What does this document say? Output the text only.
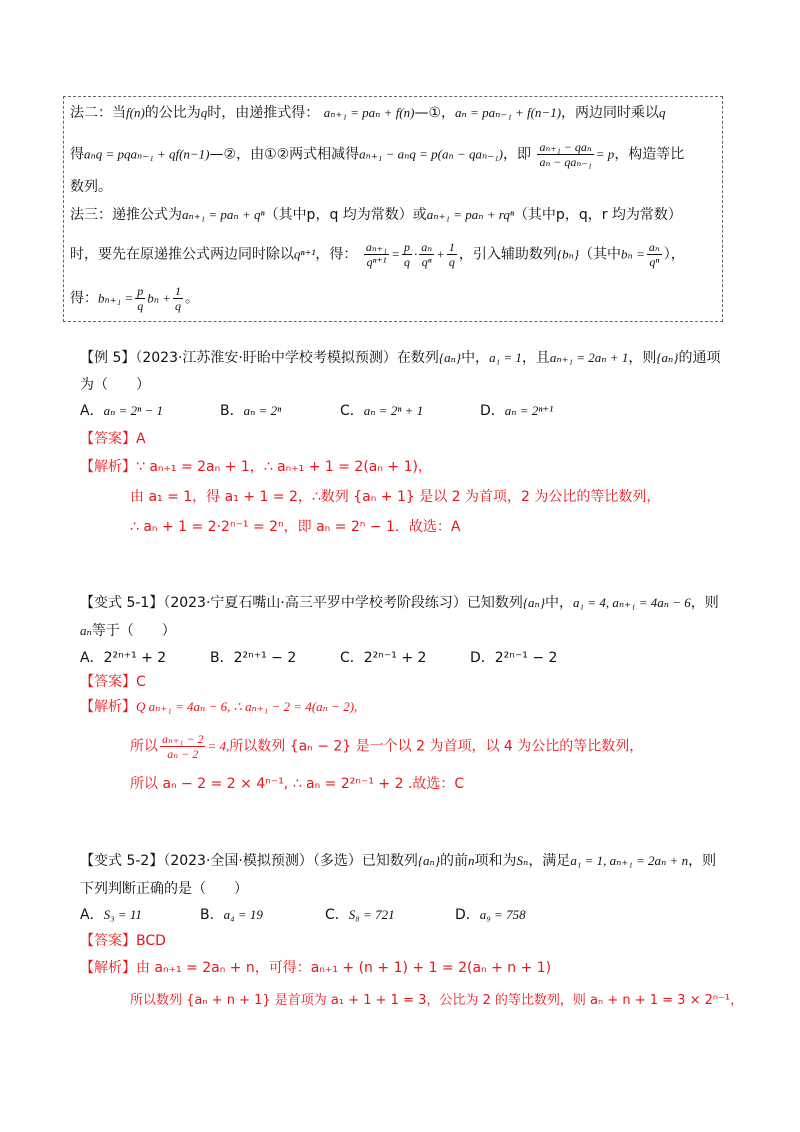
法二：当f(n)的公比为q时，由递推式得： aₙ₊₁ = paₙ + f(n)—①，aₙ = paₙ₋₁ + f(n−1)，两边同时乘以q
得aₙq = pqaₙ₋₁ + qf(n−1)—②，由①②两式相减得aₙ₊₁ − aₙq = p(aₙ − qaₙ₋₁)，即 $\frac{\text{aₙ₊₁ − qaₙ}}{\text{aₙ − qaₙ₋₁}} = p$，构造等比
数列。
法三：递推公式为aₙ₊₁ = paₙ + qⁿ（其中p，q 均为常数）或aₙ₊₁ = paₙ + rqⁿ（其中p，q，r 均为常数）
时，要先在原递推公式两边同时除以qⁿ⁺¹，得： $\frac{\text{aₙ₊₁}}{\text{qⁿ⁺¹}} = \frac{p}{q} \cdot \frac{\text{aₙ}}{\text{qⁿ}} + \frac{1}{q}$ ，引入辅助数列{bₙ}（其中$b_n = \frac{\text{aₙ}}{\text{qⁿ}}$ ），
得：$b_{n+1} = \frac{p}{q}$ $b_n + \frac{1}{q}$ 。
【例 5】（2023·江苏淮安·盱眙中学校考模拟预测）在数列{aₙ}中，a₁ = 1，且aₙ₊₁ = 2aₙ + 1，则{aₙ}的通项
为（　　）
A．aₙ = 2ⁿ − 1	B．aₙ = 2ⁿ	C．aₙ = 2ⁿ + 1	D．aₙ = 2ⁿ⁺¹
【答案】A
【解析】∵ aₙ₊₁ = 2aₙ + 1，∴ aₙ₊₁ + 1 = 2(aₙ + 1)，
由 a₁ = 1，得 a₁ + 1 = 2，∴数列 {aₙ + 1} 是以 2 为首项，2 为公比的等比数列，
∴ aₙ + 1 = 2·2ⁿ⁻¹ = 2ⁿ，即 aₙ = 2ⁿ − 1．故选：A
【变式 5-1】（2023·宁夏石嘴山·高三平罗中学校考阶段练习）已知数列{aₙ}中，a₁ = 4, aₙ₊₁ = 4aₙ − 6，则
aₙ等于（　　）
A．2²ⁿ⁺¹ + 2	B．2²ⁿ⁺¹ − 2	C．2²ⁿ⁻¹ + 2	D．2²ⁿ⁻¹ − 2
【答案】C
【解析】Q aₙ₊₁ = 4aₙ − 6, ∴ aₙ₊₁ − 2 = 4(aₙ − 2),
所以 $\frac{\text{aₙ₊₁ − 2}}{\text{aₙ − 2}} = 4$,所以数列 {aₙ − 2} 是一个以 2 为首项，以 4 为公比的等比数列，
所以 aₙ − 2 = 2 × 4ⁿ⁻¹, ∴ aₙ = 2²ⁿ⁻¹ + 2 .故选：C
【变式 5-2】（2023·全国·模拟预测）（多选）已知数列{aₙ}的前n项和为Sₙ，满足a₁ = 1, aₙ₊₁ = 2aₙ + n，则
下列判断正确的是（　　）
A．S₃ = 11	B．a₄ = 19	C．S₈ = 721	D．a₉ = 758
【答案】BCD
【解析】由 aₙ₊₁ = 2aₙ + n，可得：aₙ₊₁ + (n + 1) + 1 = 2(aₙ + n + 1)
所以数列 {aₙ + n + 1} 是首项为 a₁ + 1 + 1 = 3，公比为 2 的等比数列，则 aₙ + n + 1 = 3 × 2ⁿ⁻¹，
